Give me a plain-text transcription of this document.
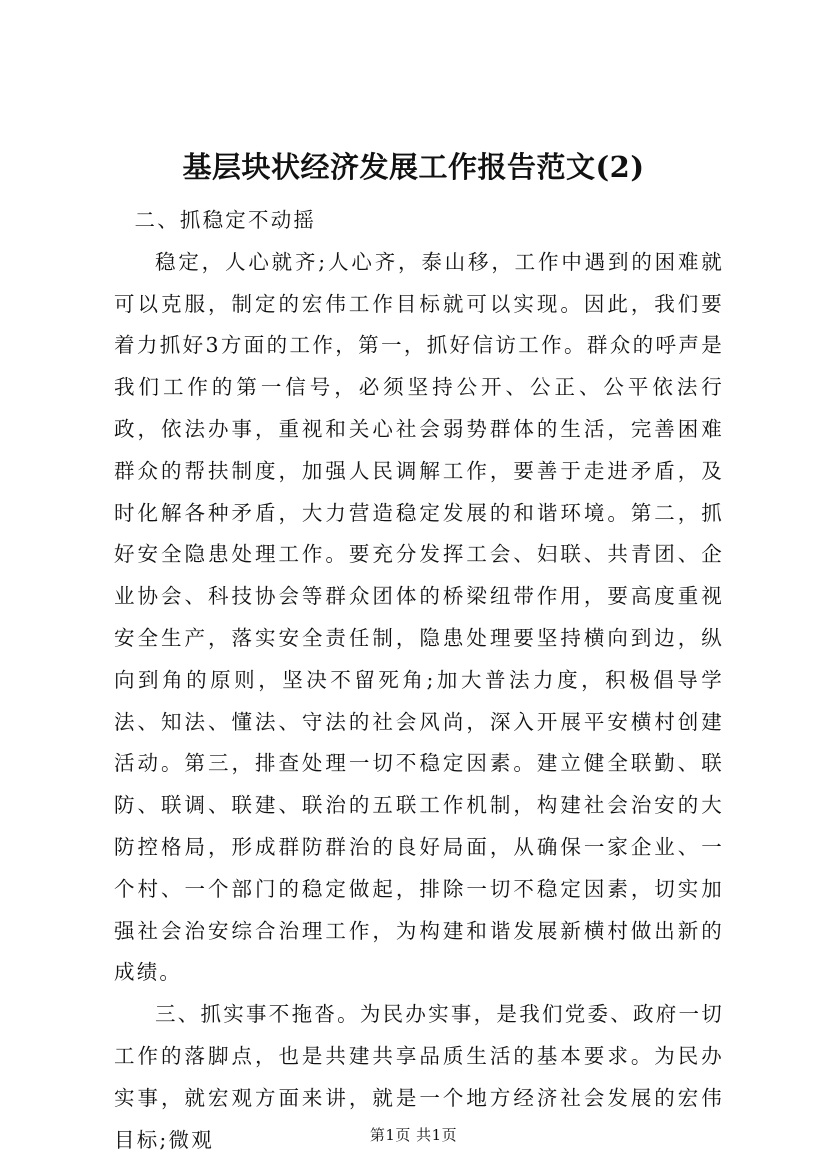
基层块状经济发展工作报告范文(2)

二、抓稳定不动摇

稳定，人心就齐;人心齐，泰山移，工作中遇到的困难就可以克服，制定的宏伟工作目标就可以实现。因此，我们要着力抓好3方面的工作，第一，抓好信访工作。群众的呼声是我们工作的第一信号，必须坚持公开、公正、公平依法行政，依法办事，重视和关心社会弱势群体的生活，完善困难群众的帮扶制度，加强人民调解工作，要善于走进矛盾，及时化解各种矛盾，大力营造稳定发展的和谐环境。第二，抓好安全隐患处理工作。要充分发挥工会、妇联、共青团、企业协会、科技协会等群众团体的桥梁纽带作用，要高度重视安全生产，落实安全责任制，隐患处理要坚持横向到边，纵向到角的原则，坚决不留死角;加大普法力度，积极倡导学法、知法、懂法、守法的社会风尚，深入开展平安横村创建活动。第三，排查处理一切不稳定因素。建立健全联勤、联防、联调、联建、联治的五联工作机制，构建社会治安的大防控格局，形成群防群治的良好局面，从确保一家企业、一个村、一个部门的稳定做起，排除一切不稳定因素，切实加强社会治安综合治理工作，为构建和谐发展新横村做出新的成绩。

三、抓实事不拖沓。为民办实事，是我们党委、政府一切工作的落脚点，也是共建共享品质生活的基本要求。为民办实事，就宏观方面来讲，就是一个地方经济社会发展的宏伟目标;微观	第1页 共1页
